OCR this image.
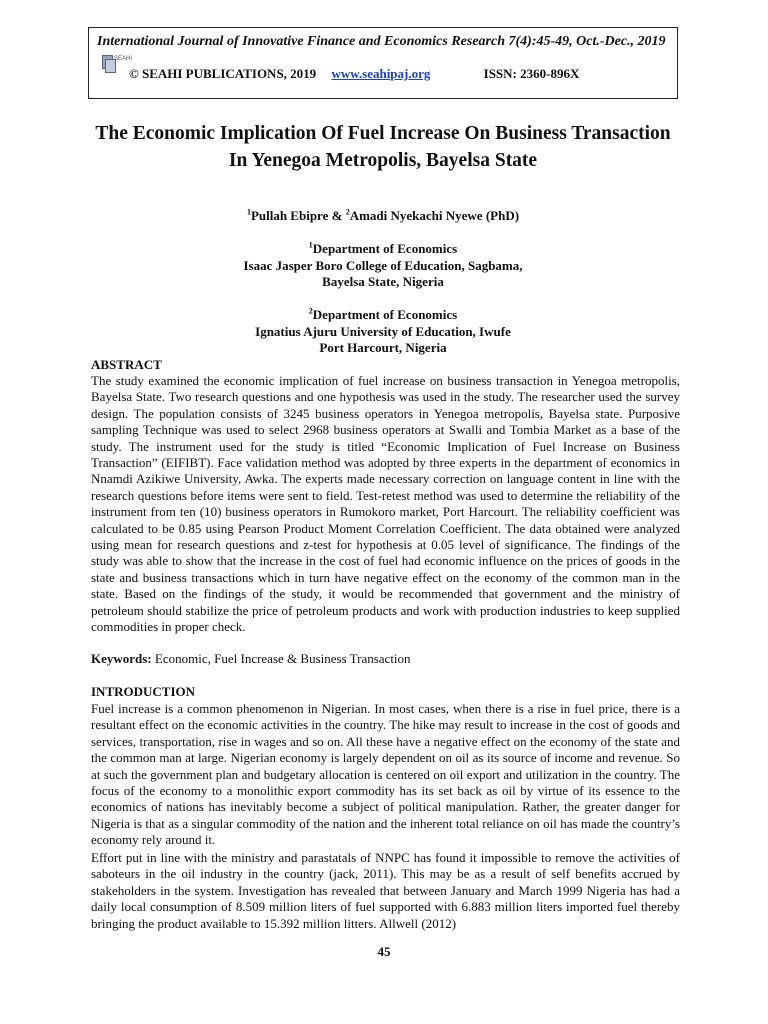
International Journal of Innovative Finance and Economics Research 7(4):45-49, Oct.-Dec., 2019
SEAHI
© SEAHI PUBLICATIONS, 2019 www.seahipaj.org	ISSN: 2360-896X
The Economic Implication Of Fuel Increase On Business Transaction In Yenegoa Metropolis, Bayelsa State
$^1$Pullah Ebipre & $^2$Amadi Nyekachi Nyewe (PhD)
$^1$Department of Economics
Isaac Jasper Boro College of Education, Sagbama,
Bayelsa State, Nigeria
$^2$Department of Economics
Ignatius Ajuru University of Education, Iwufe
Port Harcourt, Nigeria
ABSTRACT
The study examined the economic implication of fuel increase on business transaction in Yenegoa metropolis, Bayelsa State. Two research questions and one hypothesis was used in the study. The researcher used the survey design. The population consists of 3245 business operators in Yenegoa metropolis, Bayelsa state. Purposive sampling Technique was used to select 2968 business operators at Swalli and Tombia Market as a base of the study. The instrument used for the study is titled “Economic Implication of Fuel Increase on Business Transaction” (EIFIBT). Face validation method was adopted by three experts in the department of economics in Nnamdi Azikiwe University, Awka. The experts made necessary correction on language content in line with the research questions before items were sent to field. Test-retest method was used to determine the reliability of the instrument from ten (10) business operators in Rumokoro market, Port Harcourt. The reliability coefficient was calculated to be 0.85 using Pearson Product Moment Correlation Coefficient. The data obtained were analyzed using mean for research questions and z-test for hypothesis at 0.05 level of significance. The findings of the study was able to show that the increase in the cost of fuel had economic influence on the prices of goods in the state and business transactions which in turn have negative effect on the economy of the common man in the state. Based on the findings of the study, it would be recommended that government and the ministry of petroleum should stabilize the price of petroleum products and work with production industries to keep supplied commodities in proper check.
Keywords: Economic, Fuel Increase & Business Transaction
INTRODUCTION
Fuel increase is a common phenomenon in Nigerian. In most cases, when there is a rise in fuel price, there is a resultant effect on the economic activities in the country. The hike may result to increase in the cost of goods and services, transportation, rise in wages and so on. All these have a negative effect on the economy of the state and the common man at large. Nigerian economy is largely dependent on oil as its source of income and revenue. So at such the government plan and budgetary allocation is centered on oil export and utilization in the country. The focus of the economy to a monolithic export commodity has its set back as oil by virtue of its essence to the economics of nations has inevitably become a subject of political manipulation. Rather, the greater danger for Nigeria is that as a singular commodity of the nation and the inherent total reliance on oil has made the country’s economy rely around it.
Effort put in line with the ministry and parastatals of NNPC has found it impossible to remove the activities of saboteurs in the oil industry in the country (jack, 2011). This may be as a result of self benefits accrued by stakeholders in the system. Investigation has revealed that between January and March 1999 Nigeria has had a daily local consumption of 8.509 million liters of fuel supported with 6.883 million liters imported fuel thereby bringing the product available to 15.392 million litters. Allwell (2012)
45
